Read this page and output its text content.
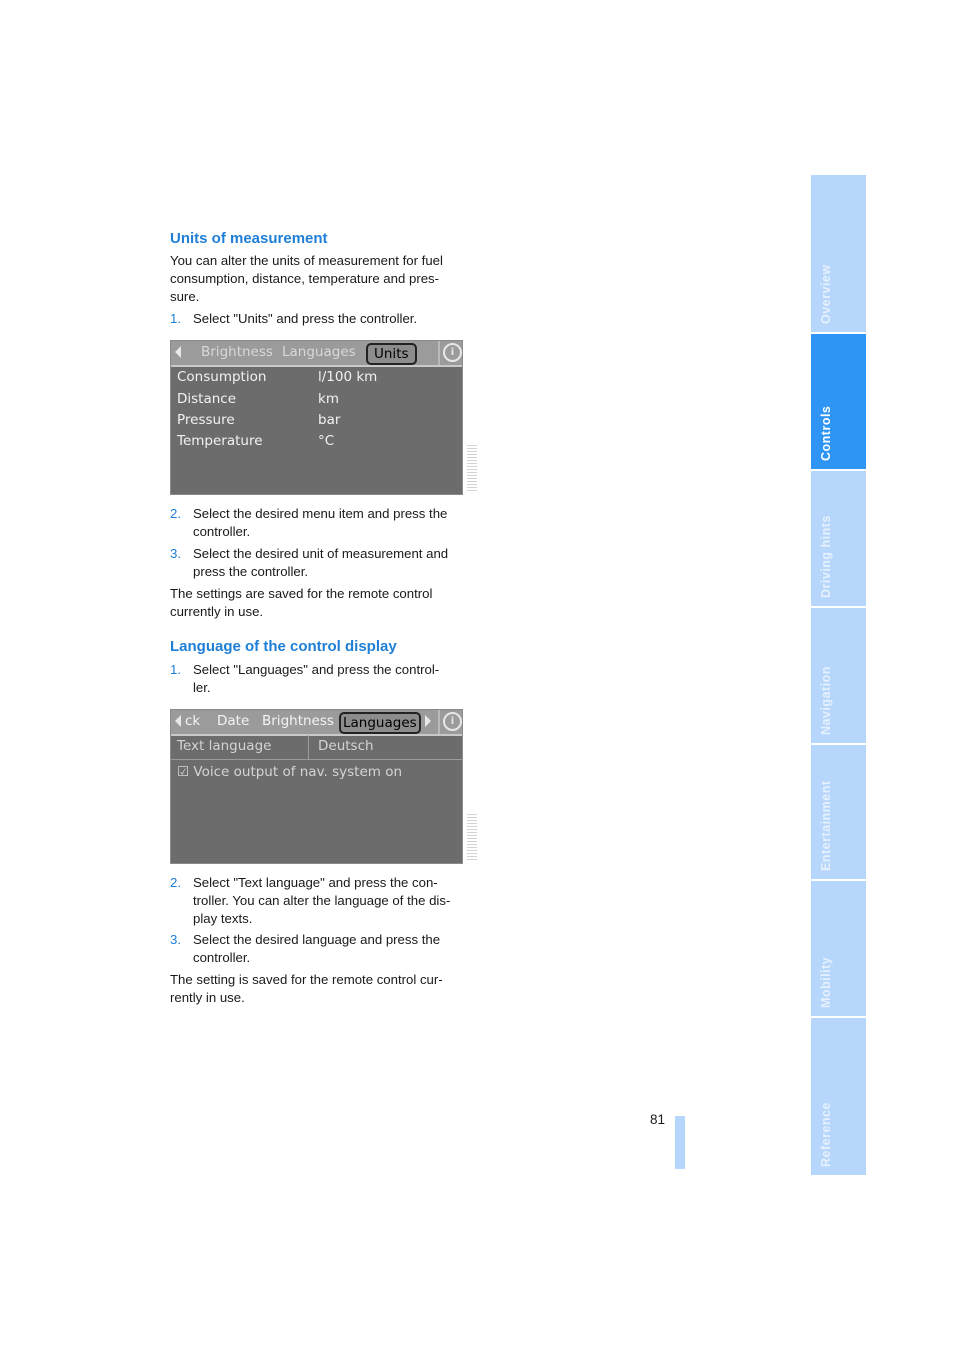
Units of measurement

You can alter the units of measurement for fuel
consumption, distance, temperature and pres-
sure.

1. Select "Units" and press the controller.
Brightness Languages	Units	i
Consumption	l/100 km
Distance	km
Pressure	bar
Temperature	°C
2. Select the desired menu item and press the
controller.
3. Select the desired unit of measurement and
press the controller.

The settings are saved for the remote control
currently in use.

Language of the control display
1. Select "Languages" and press the control-
ler.
ck Date Brightness Languages	i
Text language	Deutsch
☑ Voice output of nav. system on
2. Select "Text language" and press the con-
troller. You can alter the language of the dis-
play texts.
3. Select the desired language and press the
controller.

The setting is saved for the remote control cur-
rently in use.

81
Overview
Controls
Driving hints
Navigation
Entertainment
Mobility
Reference
